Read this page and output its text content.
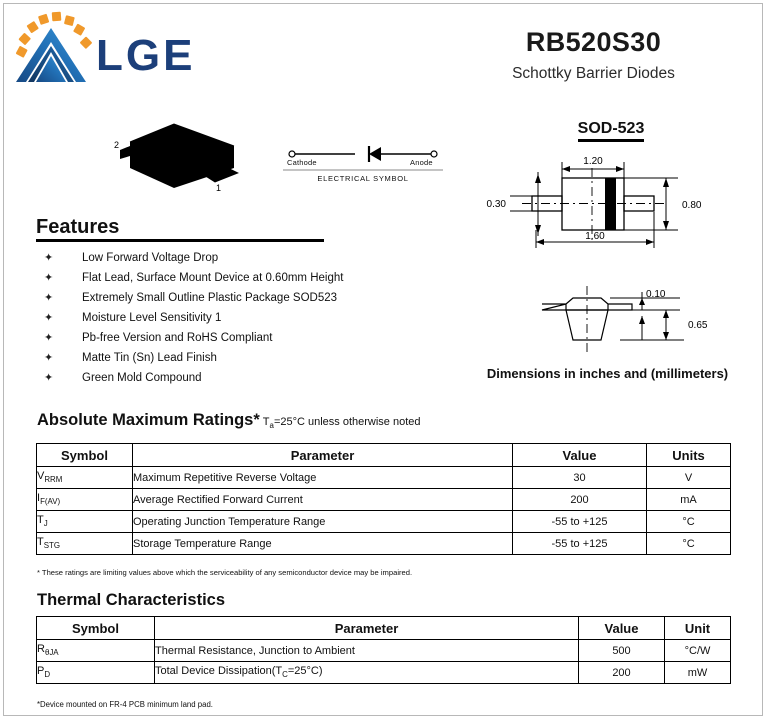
LGE	RB520S30
Schottky Barrier Diodes
2
1
Cathode	Anode
ELECTRICAL SYMBOL
SOD-523
1.20
0.30	0.80
1.60
0.10
0.65
Dimensions in inches and (millimeters)
Features
✦	Low Forward Voltage Drop
✦	Flat Lead, Surface Mount Device at 0.60mm Height
✦	Extremely Small Outline Plastic Package SOD523
✦	Moisture Level Sensitivity 1
✦	Pb-free Version and RoHS Compliant
✦	Matte Tin (Sn) Lead Finish
✦	Green Mold Compound
Absolute Maximum Ratings* $T_a=25^\circ C$ unless otherwise noted
Symbol	Parameter	Value	Units
$V_{RRM}$	Maximum Repetitive Reverse Voltage	30	V
$I_{F(AV)}$	Average Rectified Forward Current	200	mA
$T_J$	Operating Junction Temperature Range	-55 to +125	°C
$T_{STG}$	Storage Temperature Range	-55 to +125	°C
* These ratings are limiting values above which the serviceability of any semiconductor device may be impaired.
Thermal Characteristics
Symbol	Parameter	Value	Unit
$R_{\theta JA}$	Thermal Resistance, Junction to Ambient	500	°C/W
$P_D$	Total Device $Dissipation(T_C=25^\circ C)$	200	mW
*Device mounted on FR-4 PCB minimum land pad.
